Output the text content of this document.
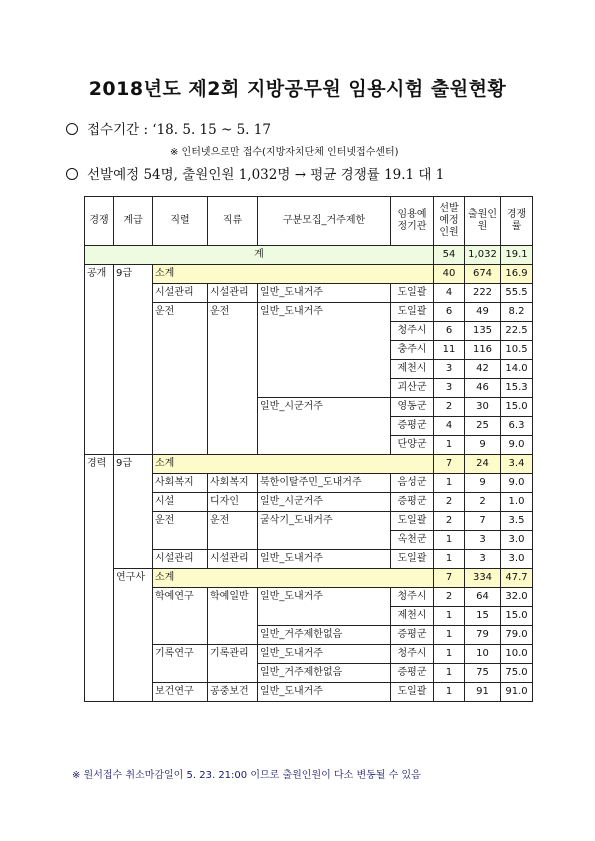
2018년도 제2회 지방공무원 임용시험 출원현황
접수기간 : ‘18. 5. 15 ~ 5. 17
※ 인터넷으로만 접수(지방자치단체 인터넷접수센터)
선발예정 54명, 출원인원 1,032명 → 평균 경쟁률 19.1 대 1
경쟁	계급	직렬	직류	구분모집_거주제한	임용예정기관	선발예정인원	출원인원	경쟁률
계						54	1,032	19.1
공개	9급	소계				40	674	16.9
		시설관리	시설관리	일반_도내거주	도일괄	4	222	55.5
		운전	운전	일반_도내거주	도일괄	6	49	8.2
					청주시	6	135	22.5
					충주시	11	116	10.5
					제천시	3	42	14.0
					괴산군	3	46	15.3
				일반_시군거주	영동군	2	30	15.0
					증평군	4	25	6.3
					단양군	1	9	9.0
경력	9급	소계				7	24	3.4
		사회복지	사회복지	북한이탈주민_도내거주	음성군	1	9	9.0
		시설	디자인	일반_시군거주	증평군	2	2	1.0
		운전	운전	굴삭기_도내거주	도일괄	2	7	3.5
					옥천군	1	3	3.0
		시설관리	시설관리	일반_도내거주	도일괄	1	3	3.0
	연구사	소계				7	334	47.7
		학예연구	학예일반	일반_도내거주	청주시	2	64	32.0
					제천시	1	15	15.0
				일반_거주제한없음	증평군	1	79	79.0
		기록연구	기록관리	일반_도내거주	청주시	1	10	10.0
				일반_거주제한없음	증평군	1	75	75.0
		보건연구	공중보건	일반_도내거주	도일괄	1	91	91.0
※ 원서접수 취소마감일이 5. 23. 21:00 이므로 출원인원이 다소 변동될 수 있음
